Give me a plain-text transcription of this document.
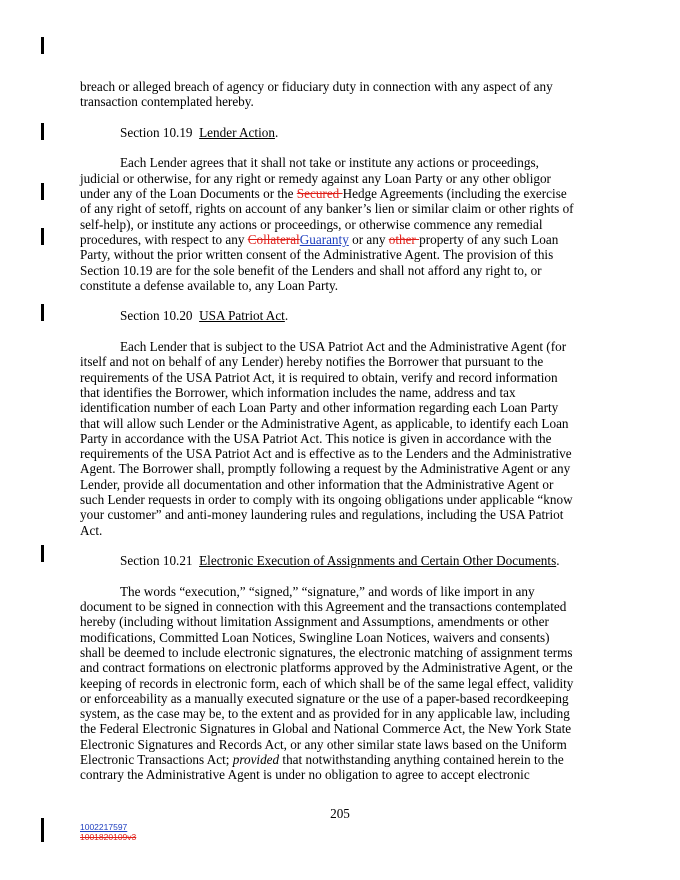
breach or alleged breach of agency or fiduciary duty in connection with any aspect of any transaction contemplated hereby.

Section 10.19 Lender Action.

Each Lender agrees that it shall not take or institute any actions or proceedings, judicial or otherwise, for any right or remedy against any Loan Party or any other obligor under any of the Loan Documents or the Secured Hedge Agreements (including the exercise of any right of setoff, rights on account of any banker’s lien or similar claim or other rights of self-help), or institute any actions or proceedings, or otherwise commence any remedial procedures, with respect to any CollateralGuaranty or any other property of any such Loan Party, without the prior written consent of the Administrative Agent. The provision of this Section 10.19 are for the sole benefit of the Lenders and shall not afford any right to, or constitute a defense available to, any Loan Party.

Section 10.20 USA Patriot Act.

Each Lender that is subject to the USA Patriot Act and the Administrative Agent (for itself and not on behalf of any Lender) hereby notifies the Borrower that pursuant to the requirements of the USA Patriot Act, it is required to obtain, verify and record information that identifies the Borrower, which information includes the name, address and tax identification number of each Loan Party and other information regarding each Loan Party that will allow such Lender or the Administrative Agent, as applicable, to identify each Loan Party in accordance with the USA Patriot Act. This notice is given in accordance with the requirements of the USA Patriot Act and is effective as to the Lenders and the Administrative Agent. The Borrower shall, promptly following a request by the Administrative Agent or any Lender, provide all documentation and other information that the Administrative Agent or such Lender requests in order to comply with its ongoing obligations under applicable “know your customer” and anti-money laundering rules and regulations, including the USA Patriot Act.

Section 10.21 Electronic Execution of Assignments and Certain Other Documents.

The words “execution,” “signed,” “signature,” and words of like import in any document to be signed in connection with this Agreement and the transactions contemplated hereby (including without limitation Assignment and Assumptions, amendments or other modifications, Committed Loan Notices, Swingline Loan Notices, waivers and consents) shall be deemed to include electronic signatures, the electronic matching of assignment terms and contract formations on electronic platforms approved by the Administrative Agent, or the keeping of records in electronic form, each of which shall be of the same legal effect, validity or enforceability as a manually executed signature or the use of a paper-based recordkeeping system, as the case may be, to the extent and as provided for in any applicable law, including the Federal Electronic Signatures in Global and National Commerce Act, the New York State Electronic Signatures and Records Act, or any other similar state laws based on the Uniform Electronic Transactions Act; provided that notwithstanding anything contained herein to the contrary the Administrative Agent is under no obligation to agree to accept electronic

205
1002217597
1001820109v3
